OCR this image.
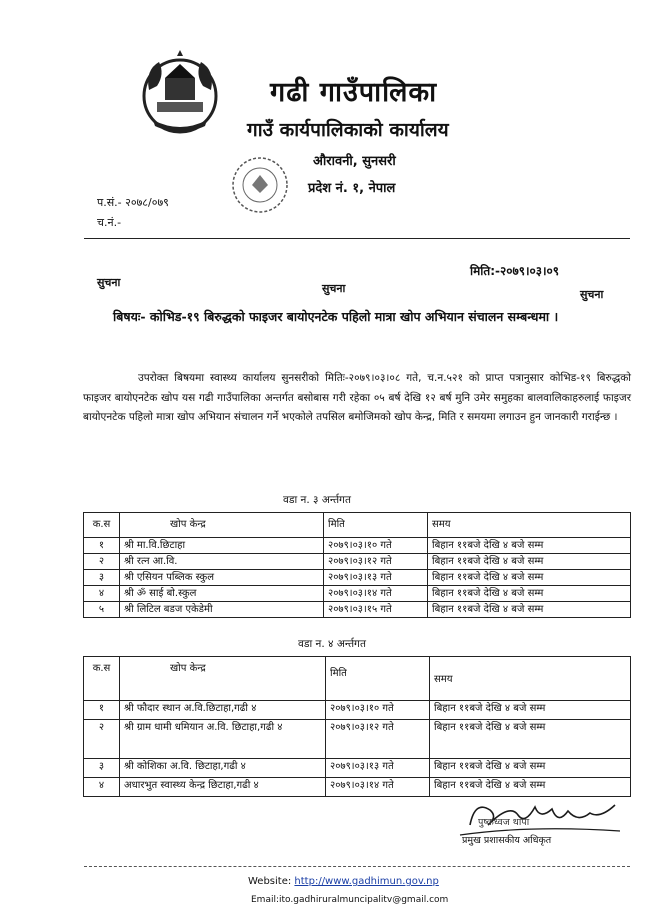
गढी गाउँपालिका
गाउँ कार्यपालिकाको कार्यालय
औरावनी, सुनसरी
प्रदेश नं. १, नेपाल
प.सं.- २०७८/०७९
च.नं.-
मिति:-२०७९।०३।०९
सुचना	सुचना	सुचना
बिषयः- कोभिड-१९ बिरुद्धको फाइजर बायोएनटेक पहिलो मात्रा खोप अभियान संचालन सम्बन्धमा ।
उपरोक्त बिषयमा स्वास्थ्य कार्यालय सुनसरीको मितिः-२०७९।०३।०८ गते, च.न.५२१ को प्राप्त पत्रानुसार कोभिड-१९ बिरुद्धको फाइजर बायोएनटेक खोप यस गढी गाउँपालिका अन्तर्गत बसोबास गरी रहेका ०५ बर्ष देखि १२ बर्ष मुनि उमेर समुहका बालवालिकाहरुलाई फाइजर बायोएनटेक पहिलो मात्रा खोप अभियान संचालन गर्ने भएकोले तपसिल बमोजिमको खोप केन्द्र, मिति र समयमा लगाउन हुन जानकारी गराईन्छ ।
वडा न. ३ अर्न्तगत
क.स	खोप केन्द्र	मिति	समय
१	श्री मा.वि.छिटाहा	२०७९।०३।१० गते	बिहान ११बजे देखि ४ बजे सम्म
२	श्री रत्न आ.वि.	२०७९।०३।१२ गते	बिहान ११बजे देखि ४ बजे सम्म
३	श्री एसियन पब्लिक स्कुल	२०७९।०३।१३ गते	बिहान ११बजे देखि ४ बजे सम्म
४	श्री ॐ साई बो.स्कुल	२०७९।०३।१४ गते	बिहान ११बजे देखि ४ बजे सम्म
५	श्री लिटिल बडज एकेडेमी	२०७९।०३।१५ गते	बिहान ११बजे देखि ४ बजे सम्म
वडा न. ४ अर्न्तगत
क.स	खोप केन्द्र	मिति	समय
१	श्री फौदार स्थान अ.वि.छिटाहा,गढी ४	२०७९।०३।१० गते	बिहान ११बजे देखि ४ बजे सम्म
२	श्री ग्राम धामी धमियान अ.वि. छिटाहा,गढी ४	२०७९।०३।१२ गते	बिहान ११बजे देखि ४ बजे सम्म
३	श्री कोशिका अ.वि. छिटाहा,गढी ४	२०७९।०३।१३ गते	बिहान ११बजे देखि ४ बजे सम्म
४	अधारभुत स्वास्थ्य केन्द्र छिटाहा,गढी ४	२०७९।०३।१४ गते	बिहान ११बजे देखि ४ बजे सम्म
पुष्कध्वज थापा
प्रमुख प्रशासकीय अधिकृत
Website: http://www.gadhimun.gov.np
Email:ito.gadhiruralmuncipalitv@gmail.com
